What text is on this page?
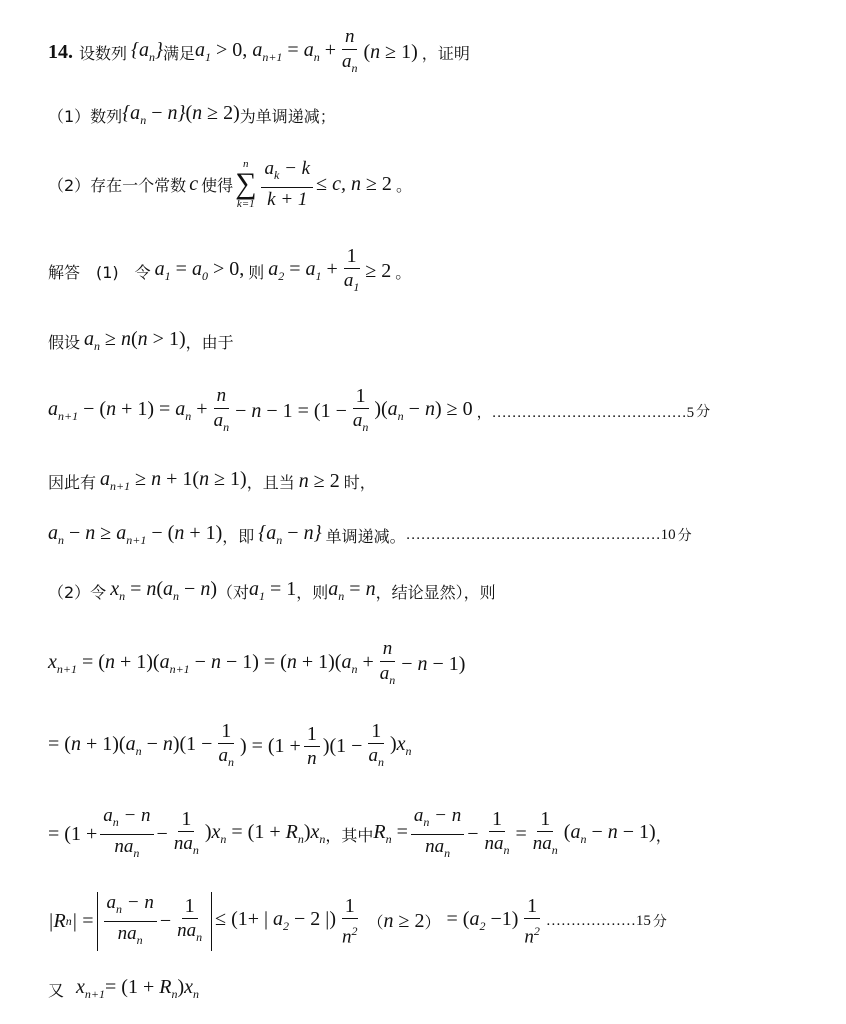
14. 设数列 $\{a_n\}$ 满足 $a_1 > 0$, $a_{n+1} = a_n + \frac{n}{a_n} (n \ge 1)$ ， 证明
（1）数列 $\{a_n - n\}(n \ge 2)$ 为单调递减；
（2）存在一个常数 c 使得
n
∑
$k=1 \frac{a_k - k}{k + 1} \le c$, n ≥ 2 。
解答　(1)　令 $a_1 = a_0 > 0$, 则 $a_2 = a_1 + \frac{1}{a_1} \ge 2$ 。
假设 $a_n \ge n(n > 1)$ ，由于
$a_{n+1} - (n + 1) = a_n + \frac{n}{a_n} - n - 1 = (1 - \frac{1}{a_n} )(a_n - n) \ge 0$ ，…………………………………5 分
因此有 $a_{n+1} \ge n + 1(n \ge 1)$ ，且当 n ≥ 2 时，
$a_n - n \ge a_{n+1} - (n + 1)$ ，即 $\{a_n - n\}$ 单调递减。 ……………………………………………10 分
（2）令 $x_n = n(a_n - n)$ （对 $a_1 = 1$ ，则 $a_n = n$ ，结论显然），则
$x_{n+1} = (n + 1)(a_{n+1} - n - 1) = (n + 1)(a_n + \frac{n}{a_n} - n - 1)$
= $(n + 1)(a_n - n)(1 - \frac{1}{a_n}$ ) = $(1 + \frac{1}{n} )(1 - \frac{1}{a_n} )x_n$
= $(1 + \frac{a_n - n}{na_n} - \frac{1}{na_n} )x_n = (1 + R_n)x_n$ ，其中 $R_n = \frac{a_n - n}{na_n} - \frac{1}{na_n} = \frac{1}{na_n} (a_n - n - 1)$ ，
|R n | = $\frac{a_n - n}{na_n} - \frac{1}{na_n} \le (1+$ | $a_2 - 2$ |) $\frac{1}{n^2}$ （ n ≥ 2 ） = $(a_2 -1) \frac{1}{n^2}$ ………………15 分
又 $x_{n+1}= (1 + R_n)x_n$
